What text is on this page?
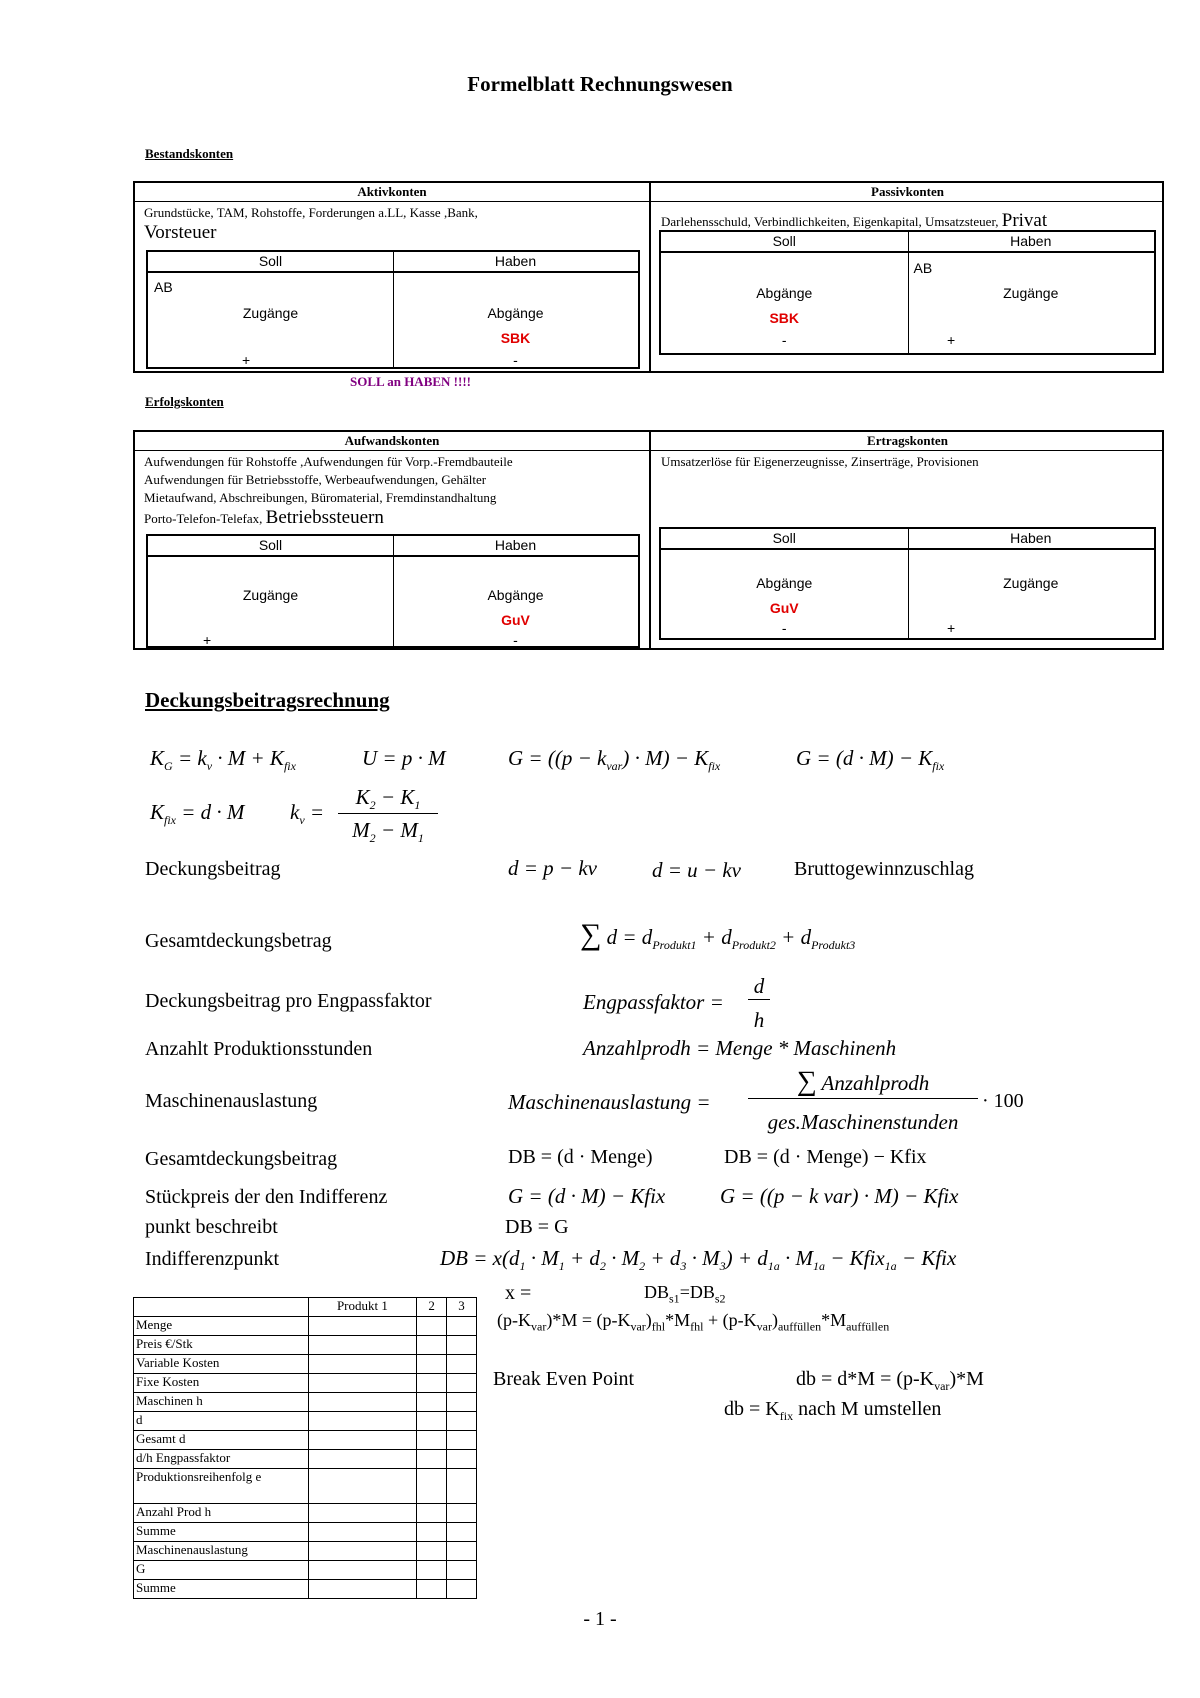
Formelblatt Rechnungswesen
Bestandskonten
Aktivkonten	Passivkonten
Grundstücke, TAM, Rohstoffe, Forderungen a.LL, Kasse ,Bank,
Vorsteuer
Soll	Haben
AB
Zugänge	Abgänge
SBK
+	-
Darlehensschuld, Verbindlichkeiten, Eigenkapital, Umsatzsteuer, Privat
Soll	Haben
AB
Abgänge	Zugänge
SBK
-	+
SOLL an HABEN !!!!
Erfolgskonten
Aufwandskonten	Ertragskonten
Aufwendungen für Rohstoffe ,Aufwendungen für Vorp.-Fremdbauteile
Aufwendungen für Betriebsstoffe, Werbeaufwendungen, Gehälter
Mietaufwand, Abschreibungen, Büromaterial, Fremdinstandhaltung
Porto-Telefon-Telefax, Betriebssteuern
Soll	Haben
Zugänge	Abgänge
GuV
+	-
Umsatzerlöse für Eigenerzeugnisse, Zinserträge, Provisionen
Soll	Haben
Abgänge	Zugänge
GuV
-	+
Deckungsbeitragsrechnung
$K_G = k_v \cdot M + K_{fix}$	U = p · M	$G = ((p - k_{var}) \cdot M) - K_{fix}$	$G = (d \cdot M) - K_{fix}$
$K_{fix} = d \cdot M$ $k_v$ =
$K_2 - K_1$
$M_2 - M_1$
Deckungsbeitrag	d = p − kv	d = u − kv	Bruttogewinnzuschlag
Gesamtdeckungsbetrag	∑ $d = d_{Produkt1} + d_{Produkt2} + d_{Produkt3}$
Deckungsbeitrag pro Engpassfaktor	Engpassfaktor =
d
h
Anzahlt Produktionsstunden	Anzahlprodh = Menge * Maschinenh
Maschinenauslastung	Maschinenauslastung =
∑ Anzahlprodh
ges.Maschinenstunden
· 100
Gesamtdeckungsbeitrag	DB = (d · Menge)	DB = (d · Menge) − Kfix
Stückpreis der den Indifferenz
punkt beschreibt
G = (d · M) − Kfix	G = ((p − k var) · M) − Kfix
DB = G
Indifferenzpunkt	DB = $x(d_1 \cdot M_1 + d_2 \cdot M_2 + d_3 \cdot M_3) + d_{1a} \cdot M_{1a}$ − Kfix$_{1a}$ − Kfix
x =	$DB_{s1}=DB_{s2}$
$(p-K_{var})*M = (p-K_{var})_{fhl}*M_{fhl} + (p-K_{var})_{auffüllen}*M_{auffüllen}$
Break Even Point	db = $d*M = (p-K_{var})*M$
db = $K_{fix}$ nach M umstellen
	Produkt 1	2	3
Menge			
Preis €/Stk			
Variable Kosten			
Fixe Kosten			
Maschinen h			
d			
Gesamt d			
d/h Engpassfaktor			
Produktionsreihenfolg e			
Anzahl Prod h			
Summe			
Maschinenauslastung			
G			
Summe			
- 1 -
